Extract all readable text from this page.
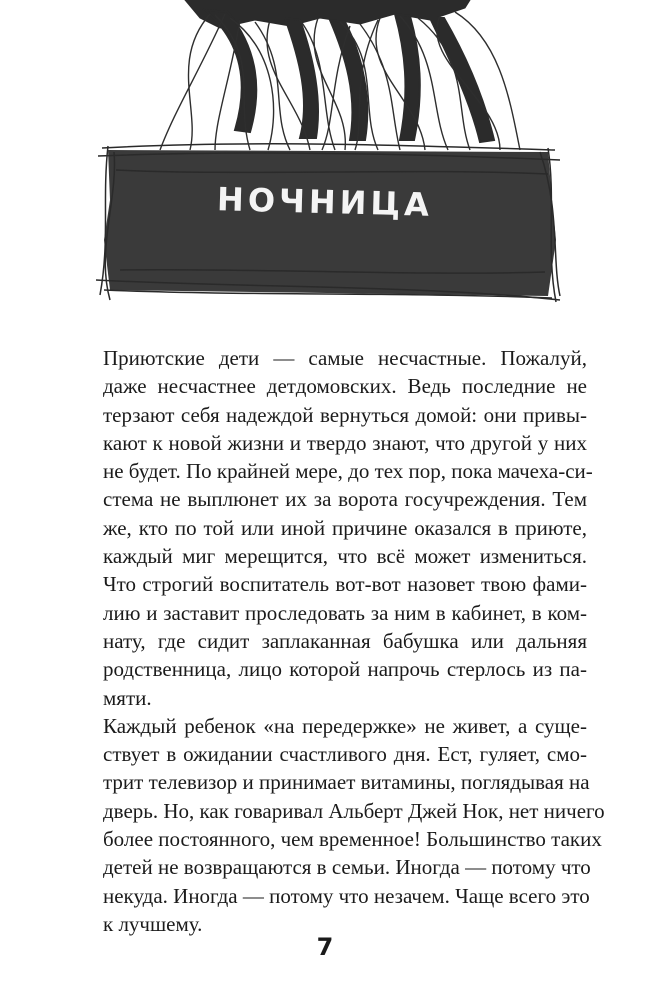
НОЧНИЦА

Приютские дети — самые несчастные. Пожалуй,
даже несчастнее детдомовских. Ведь последние не
терзают себя надеждой вернуться домой: они привы-
кают к новой жизни и твердо знают, что другой у них
не будет. По крайней мере, до тех пор, пока мачеха-си-
стема не выплюнет их за ворота госучреждения. Тем
же, кто по той или иной причине оказался в приюте,
каждый миг мерещится, что всё может измениться.
Что строгий воспитатель вот-вот назовет твою фами-
лию и заставит проследовать за ним в кабинет, в ком-
нату, где сидит заплаканная бабушка или дальняя
родственница, лицо которой напрочь стерлось из па-
мяти.

Каждый ребенок «на передержке» не живет, а суще-
ствует в ожидании счастливого дня. Ест, гуляет, смо-
трит телевизор и принимает витамины, поглядывая на
дверь. Но, как говаривал Альберт Джей Нок, нет ничего
более постоянного, чем временное! Большинство таких
детей не возвращаются в семьи. Иногда — потому что
некуда. Иногда — потому что незачем. Чаще всего это
к лучшему.

7
